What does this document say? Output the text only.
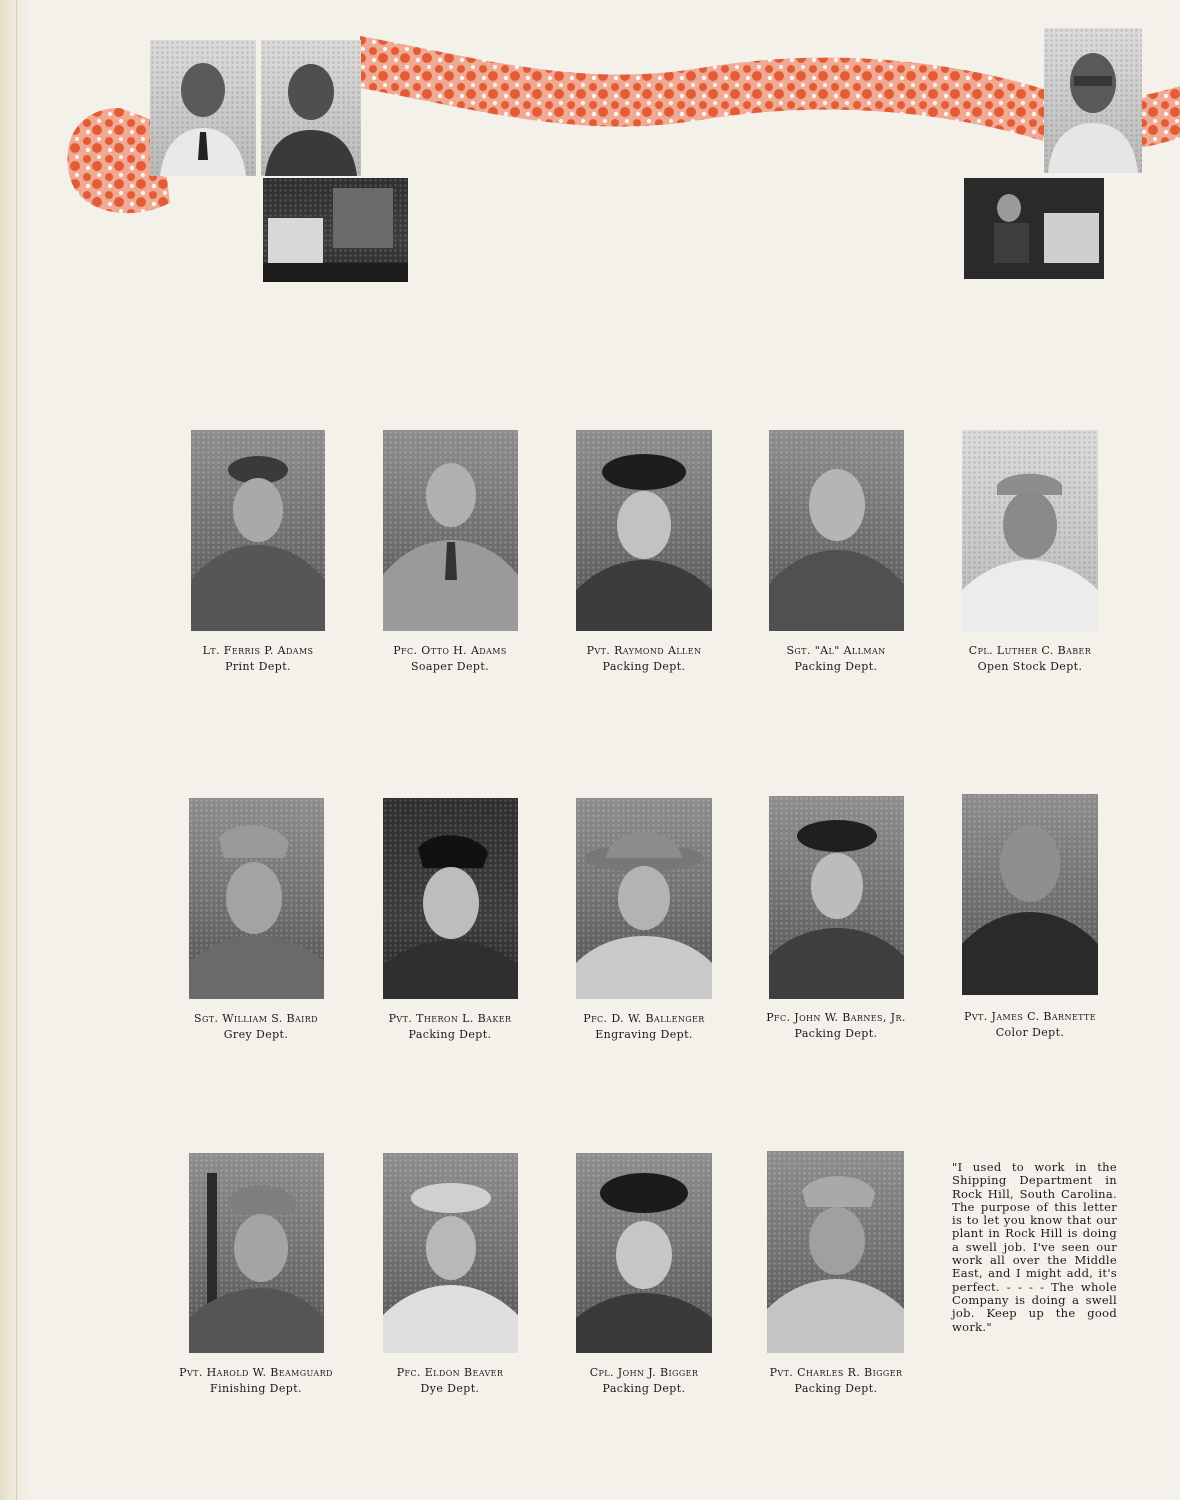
Lt. Ferris P. Adams
Print Dept.
Pfc. Otto H. Adams
Soaper Dept.
Pvt. Raymond Allen
Packing Dept.
Sgt. "Al" Allman
Packing Dept.
Cpl. Luther C. Baber
Open Stock Dept.
Sgt. William S. Baird
Grey Dept.
Pvt. Theron L. Baker
Packing Dept.
Pfc. D. W. Ballenger
Engraving Dept.
Pfc. John W. Barnes, Jr.
Packing Dept.
Pvt. James C. Barnette
Color Dept.
Pvt. Harold W. Beamguard
Finishing Dept.
Pfc. Eldon Beaver
Dye Dept.
Cpl. John J. Bigger
Packing Dept.
Pvt. Charles R. Bigger
Packing Dept.
"I used to work in the Shipping Department in Rock Hill, South Carolina. The purpose of this letter is to let you know that our plant in Rock Hill is doing a swell job. I've seen our work all over the Middle East, and I might add, it's perfect. - - - - The whole Company is doing a swell job. Keep up the good work."
